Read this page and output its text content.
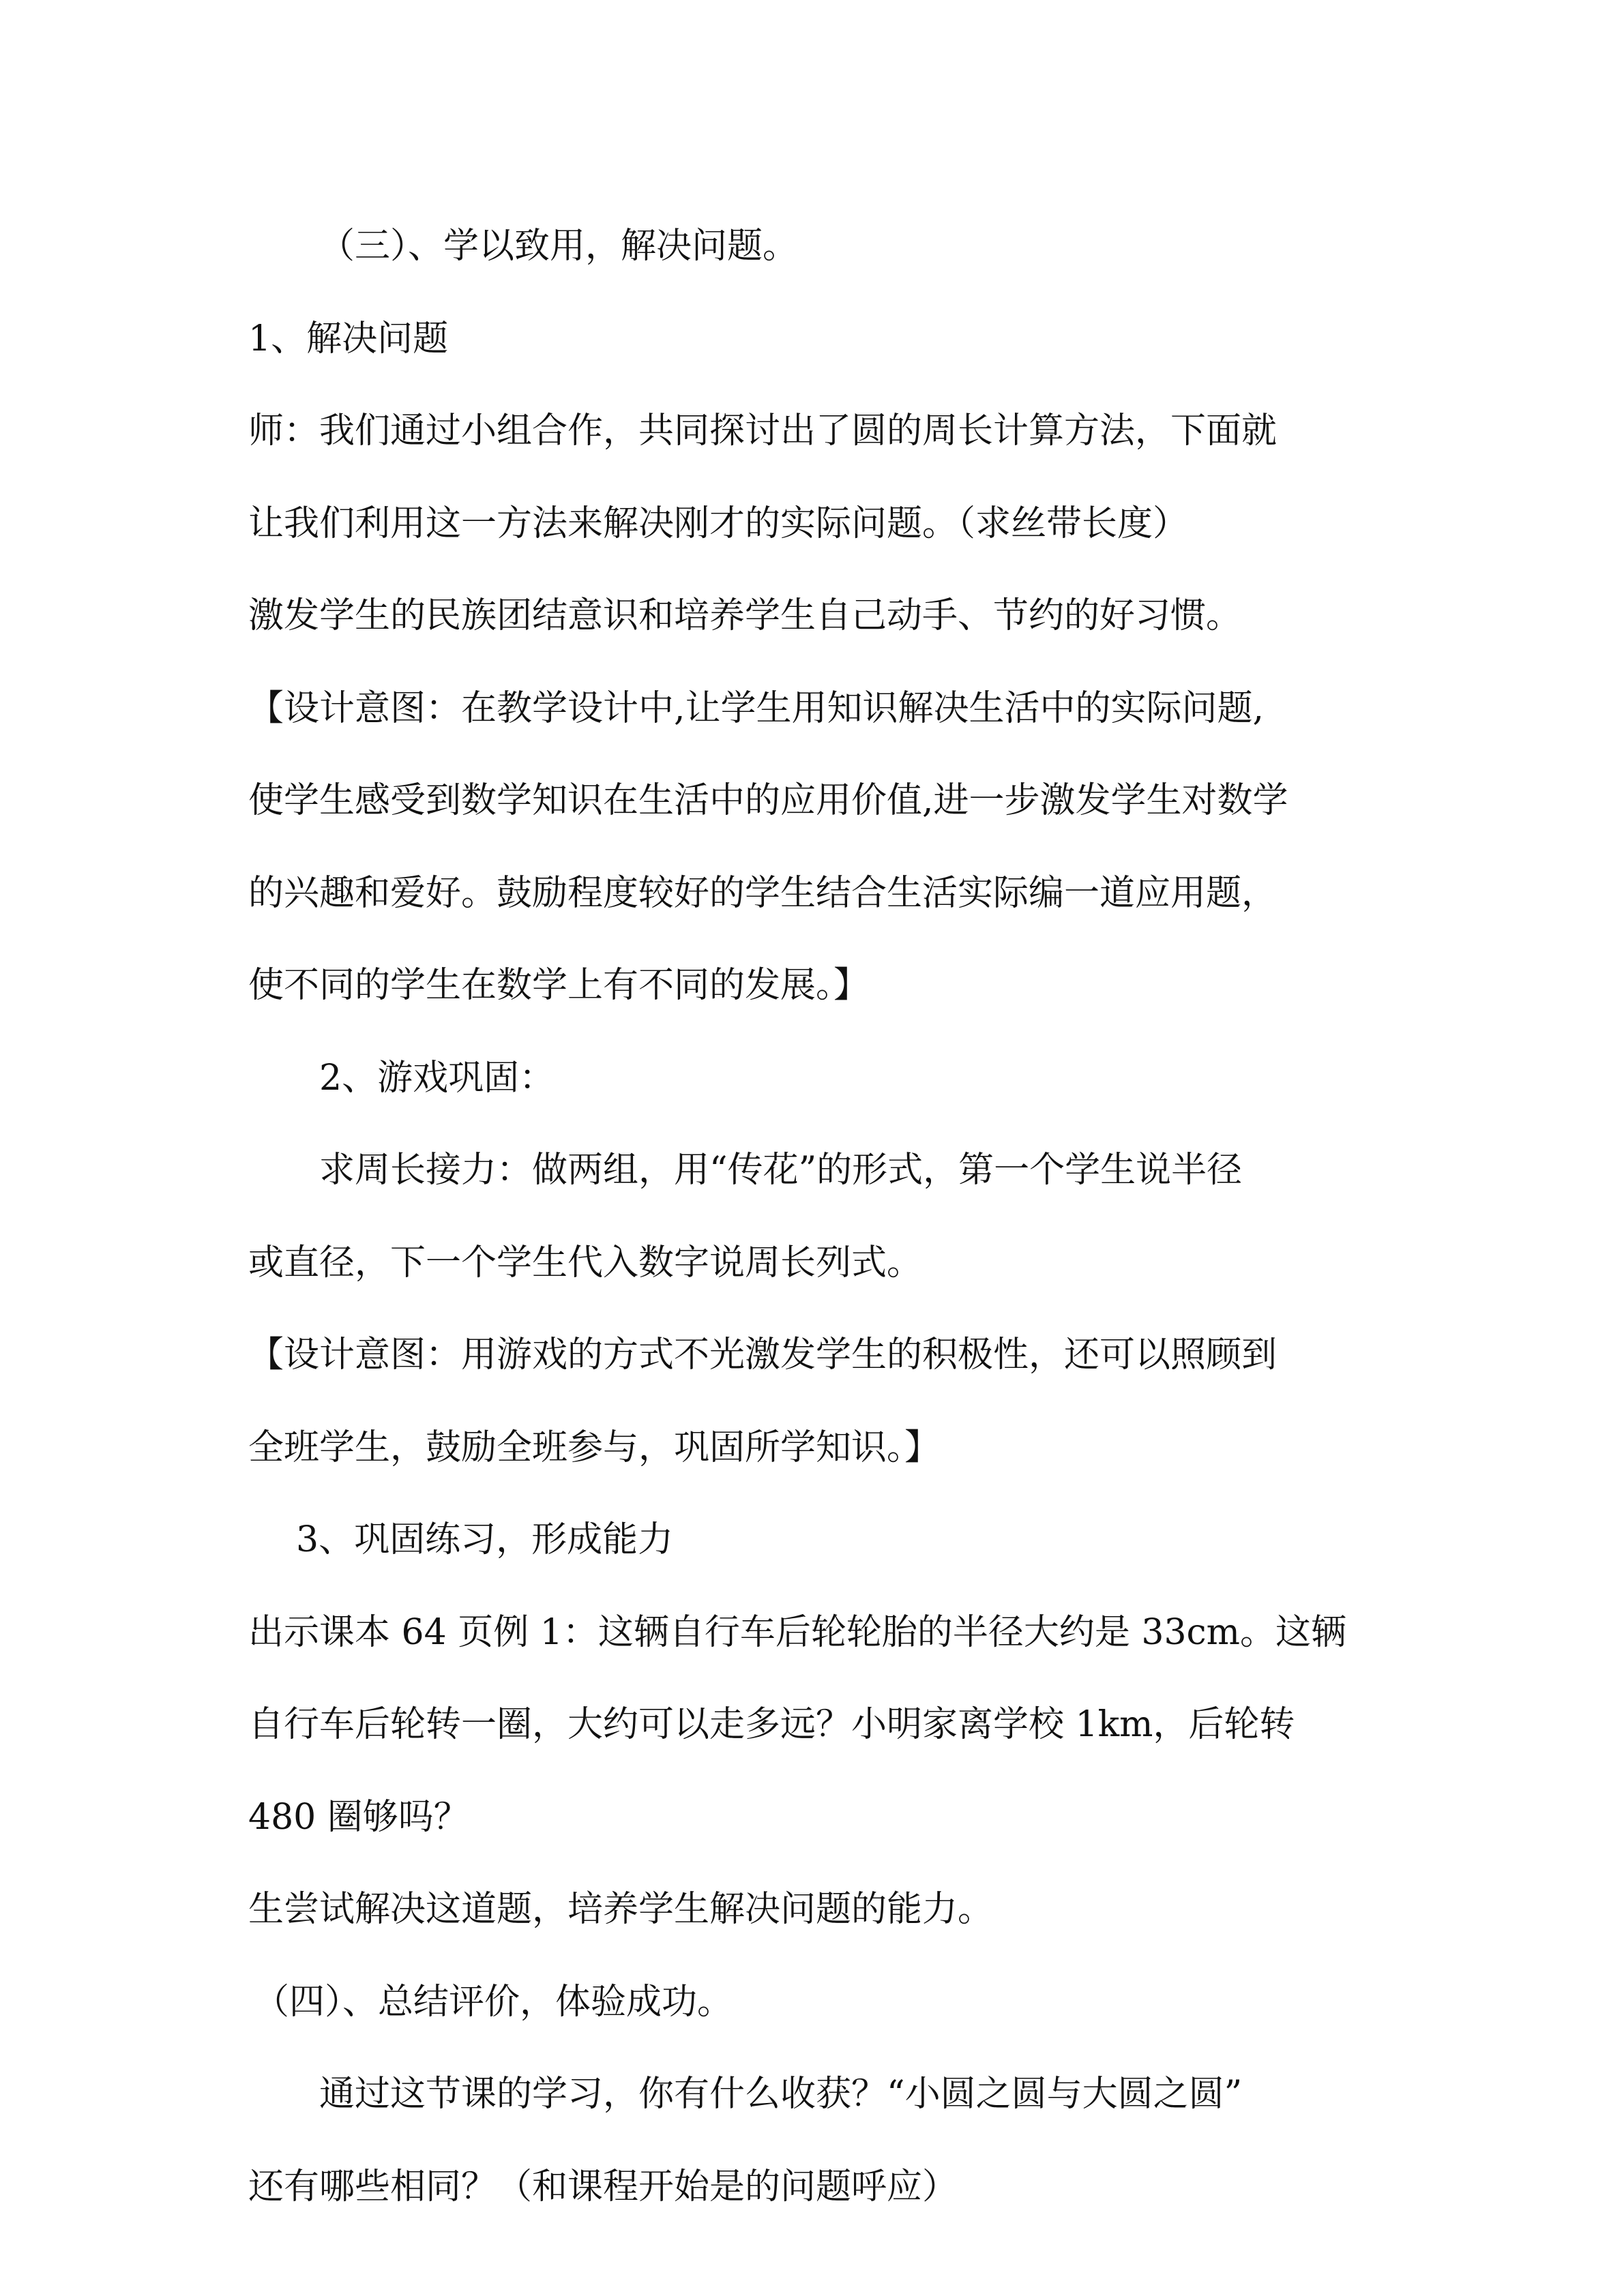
（三）、学以致用，解决问题。
1、解决问题
师：我们通过小组合作，共同探讨出了圆的周长计算方法，下面就
让我们利用这一方法来解决刚才的实际问题。（求丝带长度）
激发学生的民族团结意识和培养学生自己动手、节约的好习惯。
【设计意图：在教学设计中,让学生用知识解决生活中的实际问题,
使学生感受到数学知识在生活中的应用价值,进一步激发学生对数学
的兴趣和爱好。鼓励程度较好的学生结合生活实际编一道应用题，
使不同的学生在数学上有不同的发展。】
2、游戏巩固：
求周长接力：做两组，用“传花”的形式，第一个学生说半径
或直径，下一个学生代入数字说周长列式。
【设计意图：用游戏的方式不光激发学生的积极性，还可以照顾到
全班学生，鼓励全班参与，巩固所学知识。】
3、巩固练习，形成能力
出示课本 64 页例 1：这辆自行车后轮轮胎的半径大约是 33cm。这辆
自行车后轮转一圈，大约可以走多远？小明家离学校 1km，后轮转
480 圈够吗？
生尝试解决这道题，培养学生解决问题的能力。
（四）、总结评价，体验成功。
通过这节课的学习，你有什么收获？“小圆之圆与大圆之圆”
还有哪些相同？（和课程开始是的问题呼应）
